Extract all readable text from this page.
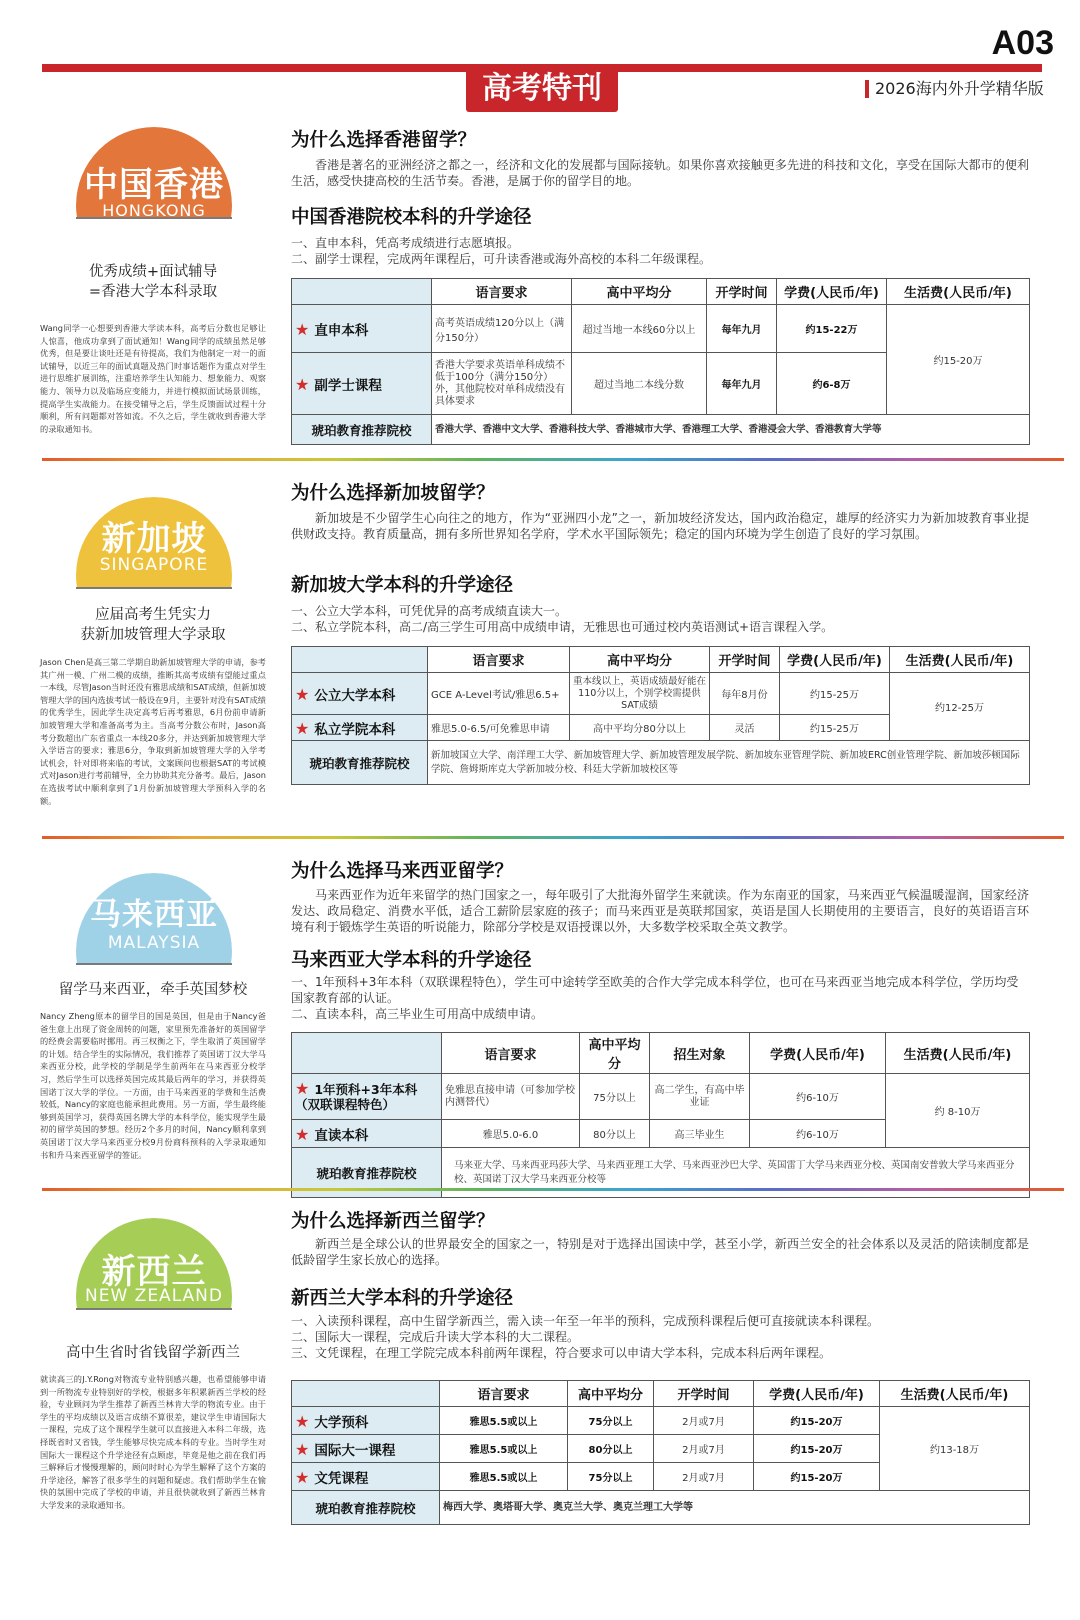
A03
高考特刊	2026海内外升学精华版
中国香港
HONGKONG
优秀成绩+面试辅导
=香港大学本科录取
Wang同学一心想要到香港大学读本科，高考后分数也足够让人惊喜，他成功拿到了面试通知！Wang同学的成绩虽然足够优秀，但是要让谈吐还是有待提高，我们为他制定一对一的面试辅导，以近三年的面试真题及热门时事话题作为重点对学生进行思维扩展训练，注重培养学生认知能力、想象能力、观察能力、领导力以及临场应变能力，并进行模拟面试场景训练，提高学生实战能力。在接受辅导之后，学生反馈面试过程十分顺利，所有问题都对答如流。不久之后，学生就收到香港大学的录取通知书。
为什么选择香港留学？
香港是著名的亚洲经济之都之一，经济和文化的发展都与国际接轨。如果你喜欢接触更多先进的科技和文化，享受在国际大都市的便利生活，感受快捷高校的生活节奏。香港，是属于你的留学目的地。
中国香港院校本科的升学途径
一、直申本科，凭高考成绩进行志愿填报。
二、副学士课程，完成两年课程后，可升读香港或海外高校的本科二年级课程。
	语言要求	高中平均分	开学时间	学费(人民币/年)	生活费(人民币/年)
★ 直申本科	高考英语成绩120分以上（满分150分）	超过当地一本线60分以上	每年九月	约15-22万	约15-20万
★ 副学士课程	香港大学要求英语单科成绩不低于100分（满分150分）外，其他院校对单科成绩没有具体要求	超过当地二本线分数	每年九月	约6-8万	
琥珀教育推荐院校	香港大学、香港中文大学、香港科技大学、香港城市大学、香港理工大学、香港浸会大学、香港教育大学等				
新加坡
SINGAPORE
应届高考生凭实力
获新加坡管理大学录取
Jason Chen是高三第二学期自助新加坡管理大学的申请，参考其广州一模、广州二模的成绩，推断其高考成绩有望能过重点一本线，尽管Jason当时还没有雅思成绩和SAT成绩，但新加坡管理大学的国内选拔考试一般设在9月，主要针对没有SAT成绩的优秀学生，因此学生决定高考后再考雅思，6月份前申请新加坡管理大学和准备高考为主。当高考分数公布时，Jason高考分数超出广东省重点一本线20多分，并达到新加坡管理大学入学语言的要求；雅思6分，争取到新加坡管理大学的入学考试机会，针对即将来临的考试，文案顾问也根据SAT的考试模式对Jason进行考前辅导，全力协助其充分备考。最后，Jason在选拔考试中顺利拿到了1月份新加坡管理大学预科入学的名额。
为什么选择新加坡留学？
新加坡是不少留学生心向往之的地方，作为“亚洲四小龙”之一，新加坡经济发达，国内政治稳定，雄厚的经济实力为新加坡教育事业提供财政支持。教育质量高，拥有多所世界知名学府，学术水平国际领先；稳定的国内环境为学生创造了良好的学习氛围。
新加坡大学本科的升学途径
一、公立大学本科，可凭优异的高考成绩直读大一。
二、私立学院本科，高二/高三学生可用高中成绩申请，无雅思也可通过校内英语测试+语言课程入学。
	语言要求	高中平均分	开学时间	学费(人民币/年)	生活费(人民币/年)
★ 公立大学本科	GCE A-Level考试/雅思6.5+	重本线以上，英语成绩最好能在110分以上，个别学校需提供SAT成绩	每年8月份	约15-25万	约12-25万
★ 私立学院本科	雅思5.0-6.5/可免雅思申请	高中平均分80分以上	灵活	约15-25万	
琥珀教育推荐院校	新加坡国立大学、南洋理工大学、新加坡管理大学、新加坡管理发展学院、新加坡东亚管理学院、新加坡ERC创业管理学院、新加坡莎顿国际学院、詹姆斯库克大学新加坡分校、科廷大学新加坡校区等				
马来西亚
MALAYSIA
留学马来西亚，牵手英国梦校
Nancy Zheng原本的留学目的国是英国，但是由于Nancy爸爸生意上出现了资金周转的问题，家里预先准备好的英国留学的经费会需要临时挪用。再三权衡之下，学生取消了英国留学的计划。结合学生的实际情况，我们推荐了英国诺丁汉大学马来西亚分校，此学校的学制是学生前两年在马来西亚分校学习，然后学生可以选择英国完成其最后两年的学习，并获得英国诺丁汉大学的学位。一方面，由于马来西亚的学费和生活费较低，Nancy的家庭也能承担此费用。另一方面，学生最终能够到英国学习，获得英国名牌大学的本科学位，能实现学生最初的留学英国的梦想。经历2个多月的时间，Nancy顺利拿到英国诺丁汉大学马来西亚分校9月份商科预科的入学录取通知书和升马来西亚留学的签证。
为什么选择马来西亚留学？
马来西亚作为近年来留学的热门国家之一，每年吸引了大批海外留学生来就读。作为东南亚的国家，马来西亚气候温暖湿润，国家经济发达、政局稳定、消费水平低，适合工薪阶层家庭的孩子；而马来西亚是英联邦国家，英语是国人长期使用的主要语言，良好的英语语言环境有利于锻炼学生英语的听说能力，除部分学校是双语授课以外，大多数学校采取全英文教学。
马来西亚大学本科的升学途径
一、1年预科+3年本科（双联课程特色），学生可中途转学至欧美的合作大学完成本科学位，也可在马来西亚当地完成本科学位，学历均受国家教育部的认证。
二、直读本科，高三毕业生可用高中成绩申请。
	语言要求	高中平均分	招生对象	学费(人民币/年)	生活费(人民币/年)
★ 1年预科+3年本科（双联课程特色）	免雅思直接申请（可参加学校内测替代）	75分以上	高二学生，有高中毕业证	约6-10万	约 8-10万
★ 直读本科	雅思5.0-6.0	80分以上	高三毕业生	约6-10万	
琥珀教育推荐院校	马来亚大学、马来西亚玛莎大学、马来西亚理工大学、马来西亚沙巴大学、英国雷丁大学马来西亚分校、英国南安普敦大学马来西亚分校、英国诺丁汉大学马来西亚分校等				
新西兰
NEW ZEALAND
高中生省时省钱留学新西兰
就读高三的J.Y.Rong对物流专业特别感兴趣，也希望能够申请到一所物流专业特别好的学校，根据多年积累新西兰学校的经验，专业顾问为学生推荐了新西兰林肯大学的物流专业。由于学生的平均成绩以及语言成绩不算很差，建议学生申请国际大一课程，完成了这个课程学生就可以直接进入本科二年级，选择既省时又省钱，学生能够尽快完成本科的专业。当时学生对国际大一课程这个升学途径有点顾虑，毕竟是他之前在我们再三解释后才慢慢理解的，顾问时时心为学生解释了这个方案的升学途径，解答了很多学生的问题和疑虑。我们帮助学生在愉快的氛围中完成了学校的申请，并且很快就收到了新西兰林肯大学发来的录取通知书。
为什么选择新西兰留学？
新西兰是全球公认的世界最安全的国家之一，特别是对于选择出国读中学，甚至小学，新西兰安全的社会体系以及灵活的陪读制度都是低龄留学生家长放心的选择。
新西兰大学本科的升学途径
一、入读预科课程，高中生留学新西兰，需入读一年至一年半的预科，完成预科课程后便可直接就读本科课程。
二、国际大一课程，完成后升读大学本科的大二课程。
三、文凭课程，在理工学院完成本科前两年课程，符合要求可以申请大学本科，完成本科后两年课程。
	语言要求	高中平均分	开学时间	学费(人民币/年)	生活费(人民币/年)
★ 大学预科	雅思5.5或以上	75分以上	2月或7月	约15-20万	约13-18万
★ 国际大一课程	雅思5.5或以上	80分以上	2月或7月	约15-20万	
★ 文凭课程	雅思5.5或以上	75分以上	2月或7月	约15-20万	
琥珀教育推荐院校	梅西大学、奥塔哥大学、奥克兰大学、奥克兰理工大学等				
